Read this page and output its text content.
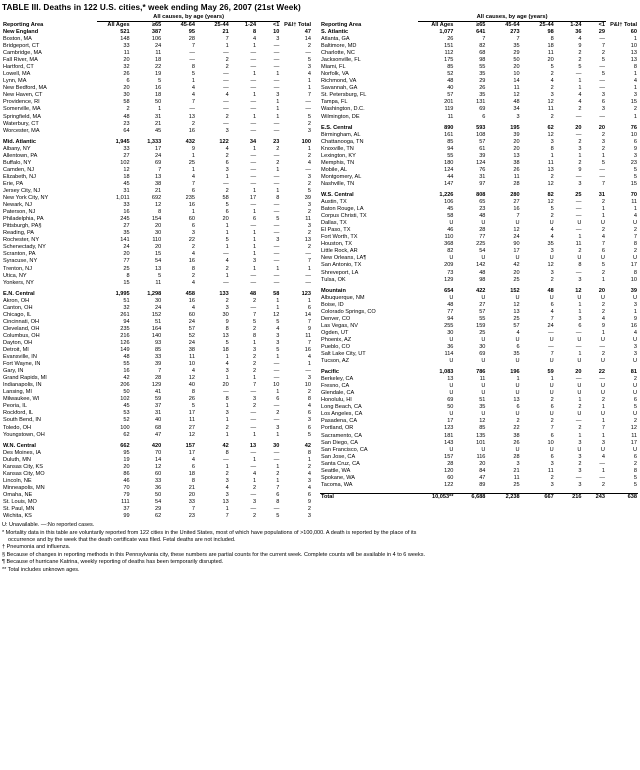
TABLE III. Deaths in 122 U.S. cities,* week ending May 26, 2007 (21st Week)
	All causes, by age (years)	
Reporting Area	All Ages	≥65	45-64	25-44	1-24	<1	P&I† Total
New England	521	387	95	21	8	10	47
Boston, MA	148	106	28	7	4	3	14
Bridgeport, CT	33	24	7	1	1	—	2
Cambridge, MA	11	11	—	—	—	—	—
Fall River, MA	20	18	—	2	—	—	5
Hartford, CT	32	22	8	2	—	—	3
Lowell, MA	26	19	5	—	1	1	4
Lynn, MA	6	5	1	—	—	—	1
New Bedford, MA	20	16	4	—	—	—	1
New Haven, CT	30	18	4	4	1	3	7
Providence, RI	58	50	7	—	—	1	—
Somerville, MA	2	1	—	—	—	1	—
Springfield, MA	48	31	13	2	1	1	5
Waterbury, CT	23	21	2	—	—	—	2
Worcester, MA	64	45	16	3	—	—	3

Mid. Atlantic	1,945	1,333	432	122	34	23	100
Albany, NY	33	17	9	4	1	2	1
Allentown, PA	27	24	1	2	—	—	2
Buffalo, NY	102	69	25	6	—	2	4
Camden, NJ	12	7	1	3	—	1	—
Elizabeth, NJ	18	13	4	1	—	—	3
Erie, PA	45	38	7	—	—	—	2
Jersey City, NJ	31	21	6	2	1	1	5
New York City, NY	1,011	692	235	58	17	8	39
Newark, NJ	33	12	16	5	—	—	3
Paterson, NJ	16	8	1	6	1	—	2
Philadelphia, PA	245	154	60	20	6	5	11
Pittsburgh, PA§	27	20	6	1	—	—	3
Reading, PA	35	30	3	1	1	—	2
Rochester, NY	141	110	22	5	1	3	13
Schenectady, NY	24	20	2	1	1	—	2
Scranton, PA	20	15	4	—	1	—	—
Syracuse, NY	77	54	16	4	3	—	7
Trenton, NJ	25	13	8	2	1	1	1
Utica, NY	8	5	2	1	—	—	—
Yonkers, NY	15	11	4	—	—	—	—

E.N. Central	1,995	1,298	458	133	48	58	123
Akron, OH	51	30	16	2	2	1	1
Canton, OH	32	24	4	3	—	1	6
Chicago, IL	261	152	60	30	7	12	14
Cincinnati, OH	94	51	24	9	5	5	7
Cleveland, OH	235	164	57	8	2	4	9
Columbus, OH	216	140	52	13	8	3	11
Dayton, OH	126	93	24	5	1	3	7
Detroit, MI	149	85	38	18	3	5	16
Evansville, IN	48	33	11	1	2	1	4
Fort Wayne, IN	55	39	10	4	2	—	1
Gary, IN	16	7	4	3	2	—	—
Grand Rapids, MI	42	28	12	1	1	—	3
Indianapolis, IN	206	129	40	20	7	10	10
Lansing, MI	50	41	8	—	—	1	2
Milwaukee, WI	102	59	26	8	3	6	8
Peoria, IL	45	37	5	1	2	—	4
Rockford, IL	53	31	17	3	—	2	6
South Bend, IN	52	40	11	1	—	—	3
Toledo, OH	100	68	27	2	—	3	6
Youngstown, OH	62	47	12	1	1	1	5

W.N. Central	662	420	157	42	13	30	42
Des Moines, IA	95	70	17	8	—	—	8
Duluth, MN	19	14	4	—	1	—	1
Kansas City, KS	20	12	6	1	—	1	2
Kansas City, MO	86	60	18	2	4	2	4
Lincoln, NE	46	33	8	3	1	1	3
Minneapolis, MN	70	36	21	4	2	7	4
Omaha, NE	79	50	20	3	—	6	6
St. Louis, MO	111	54	33	13	3	8	9
St. Paul, MN	37	29	7	1	—	—	2
Wichita, KS	99	62	23	7	2	5	3

	All causes, by age (years)	
Reporting Area	All Ages	≥65	45-64	25-44	1-24	<1	P&I† Total
S. Atlantic	1,077	641	273	98	36	29	60
Atlanta, GA	26	7	7	8	4	—	1
Baltimore, MD	151	82	35	18	9	7	10
Charlotte, NC	112	68	29	11	2	2	13
Jacksonville, FL	175	98	50	20	2	5	13
Miami, FL	85	55	20	5	5	—	8
Norfolk, VA	52	35	10	2	—	5	1
Richmond, VA	48	29	14	4	1	—	4
Savannah, GA	40	26	11	2	1	—	1
St. Petersburg, FL	57	35	12	3	4	3	3
Tampa, FL	201	131	48	12	4	6	15
Washington, D.C.	119	69	34	11	2	3	2
Wilmington, DE	11	6	3	2	—	—	1

E.S. Central	890	593	195	62	20	20	76
Birmingham, AL	161	108	39	12	—	2	10
Chattanooga, TN	85	57	20	3	2	3	6
Knoxville, TN	94	61	20	8	3	2	9
Lexington, KY	55	39	13	1	1	1	3
Memphis, TN	180	124	38	11	2	5	23
Mobile, AL	124	76	26	13	9	—	5
Montgomery, AL	44	31	11	2	—	—	5
Nashville, TN	147	97	28	12	3	7	15

W.S. Central	1,226	808	280	82	25	31	70
Austin, TX	106	65	27	12	—	2	11
Baton Rouge, LA	45	23	16	5	—	1	1
Corpus Christi, TX	58	48	7	2	—	1	4
Dallas, TX	U	U	U	U	U	U	U
El Paso, TX	46	28	12	4	—	2	2
Fort Worth, TX	110	77	24	4	1	4	7
Houston, TX	368	225	90	35	11	7	8
Little Rock, AR	82	54	17	3	2	6	2
New Orleans, LA¶	U	U	U	U	U	U	U
San Antonio, TX	209	142	42	12	8	5	17
Shreveport, LA	73	48	20	3	—	2	8
Tulsa, OK	129	98	25	2	3	1	10

Mountain	654	422	152	48	12	20	39
Albuquerque, NM	U	U	U	U	U	U	U
Boise, ID	48	27	12	6	1	2	3
Colorado Springs, CO	77	57	13	4	1	2	1
Denver, CO	94	55	25	7	3	4	9
Las Vegas, NV	255	159	57	24	6	9	16
Ogden, UT	30	25	4	—	—	1	4
Phoenix, AZ	U	U	U	U	U	U	U
Pueblo, CO	36	30	6	—	—	—	3
Salt Lake City, UT	114	69	35	7	1	2	3
Tucson, AZ	U	U	U	U	U	U	U

Pacific	1,083	786	196	59	20	22	81
Berkeley, CA	13	11	1	1	—	—	2
Fresno, CA	U	U	U	U	U	U	U
Glendale, CA	U	U	U	U	U	U	U
Honolulu, HI	69	51	13	2	1	2	6
Long Beach, CA	50	35	6	6	2	1	5
Los Angeles, CA	U	U	U	U	U	U	U
Pasadena, CA	17	12	2	2	—	1	2
Portland, OR	123	85	22	7	2	7	12
Sacramento, CA	181	135	38	6	1	1	11
San Diego, CA	143	101	26	10	3	3	17
San Francisco, CA	U	U	U	U	U	U	U
San Jose, CA	157	116	28	6	3	4	6
Santa Cruz, CA	28	20	3	3	2	—	2
Seattle, WA	120	84	21	11	3	1	8
Spokane, WA	60	47	11	2	—	—	5
Tacoma, WA	122	89	25	3	3	2	5

Total	10,053**	6,688	2,238	667	216	243	638
U: Unavailable. —:No reported cases.
* Mortality data in this table are voluntarily reported from 122 cities in the United States, most of which have populations of >100,000. A death is reported by the place of its
occurrence and by the week that the death certificate was filed. Fetal deaths are not included.
† Pneumonia and influenza.
§ Because of changes in reporting methods in this Pennsylvania city, these numbers are partial counts for the current week. Complete counts will be available in 4 to 6 weeks.
¶ Because of hurricane Katrina, weekly reporting of deaths has been temporarily disrupted.
** Total includes unknown ages.
